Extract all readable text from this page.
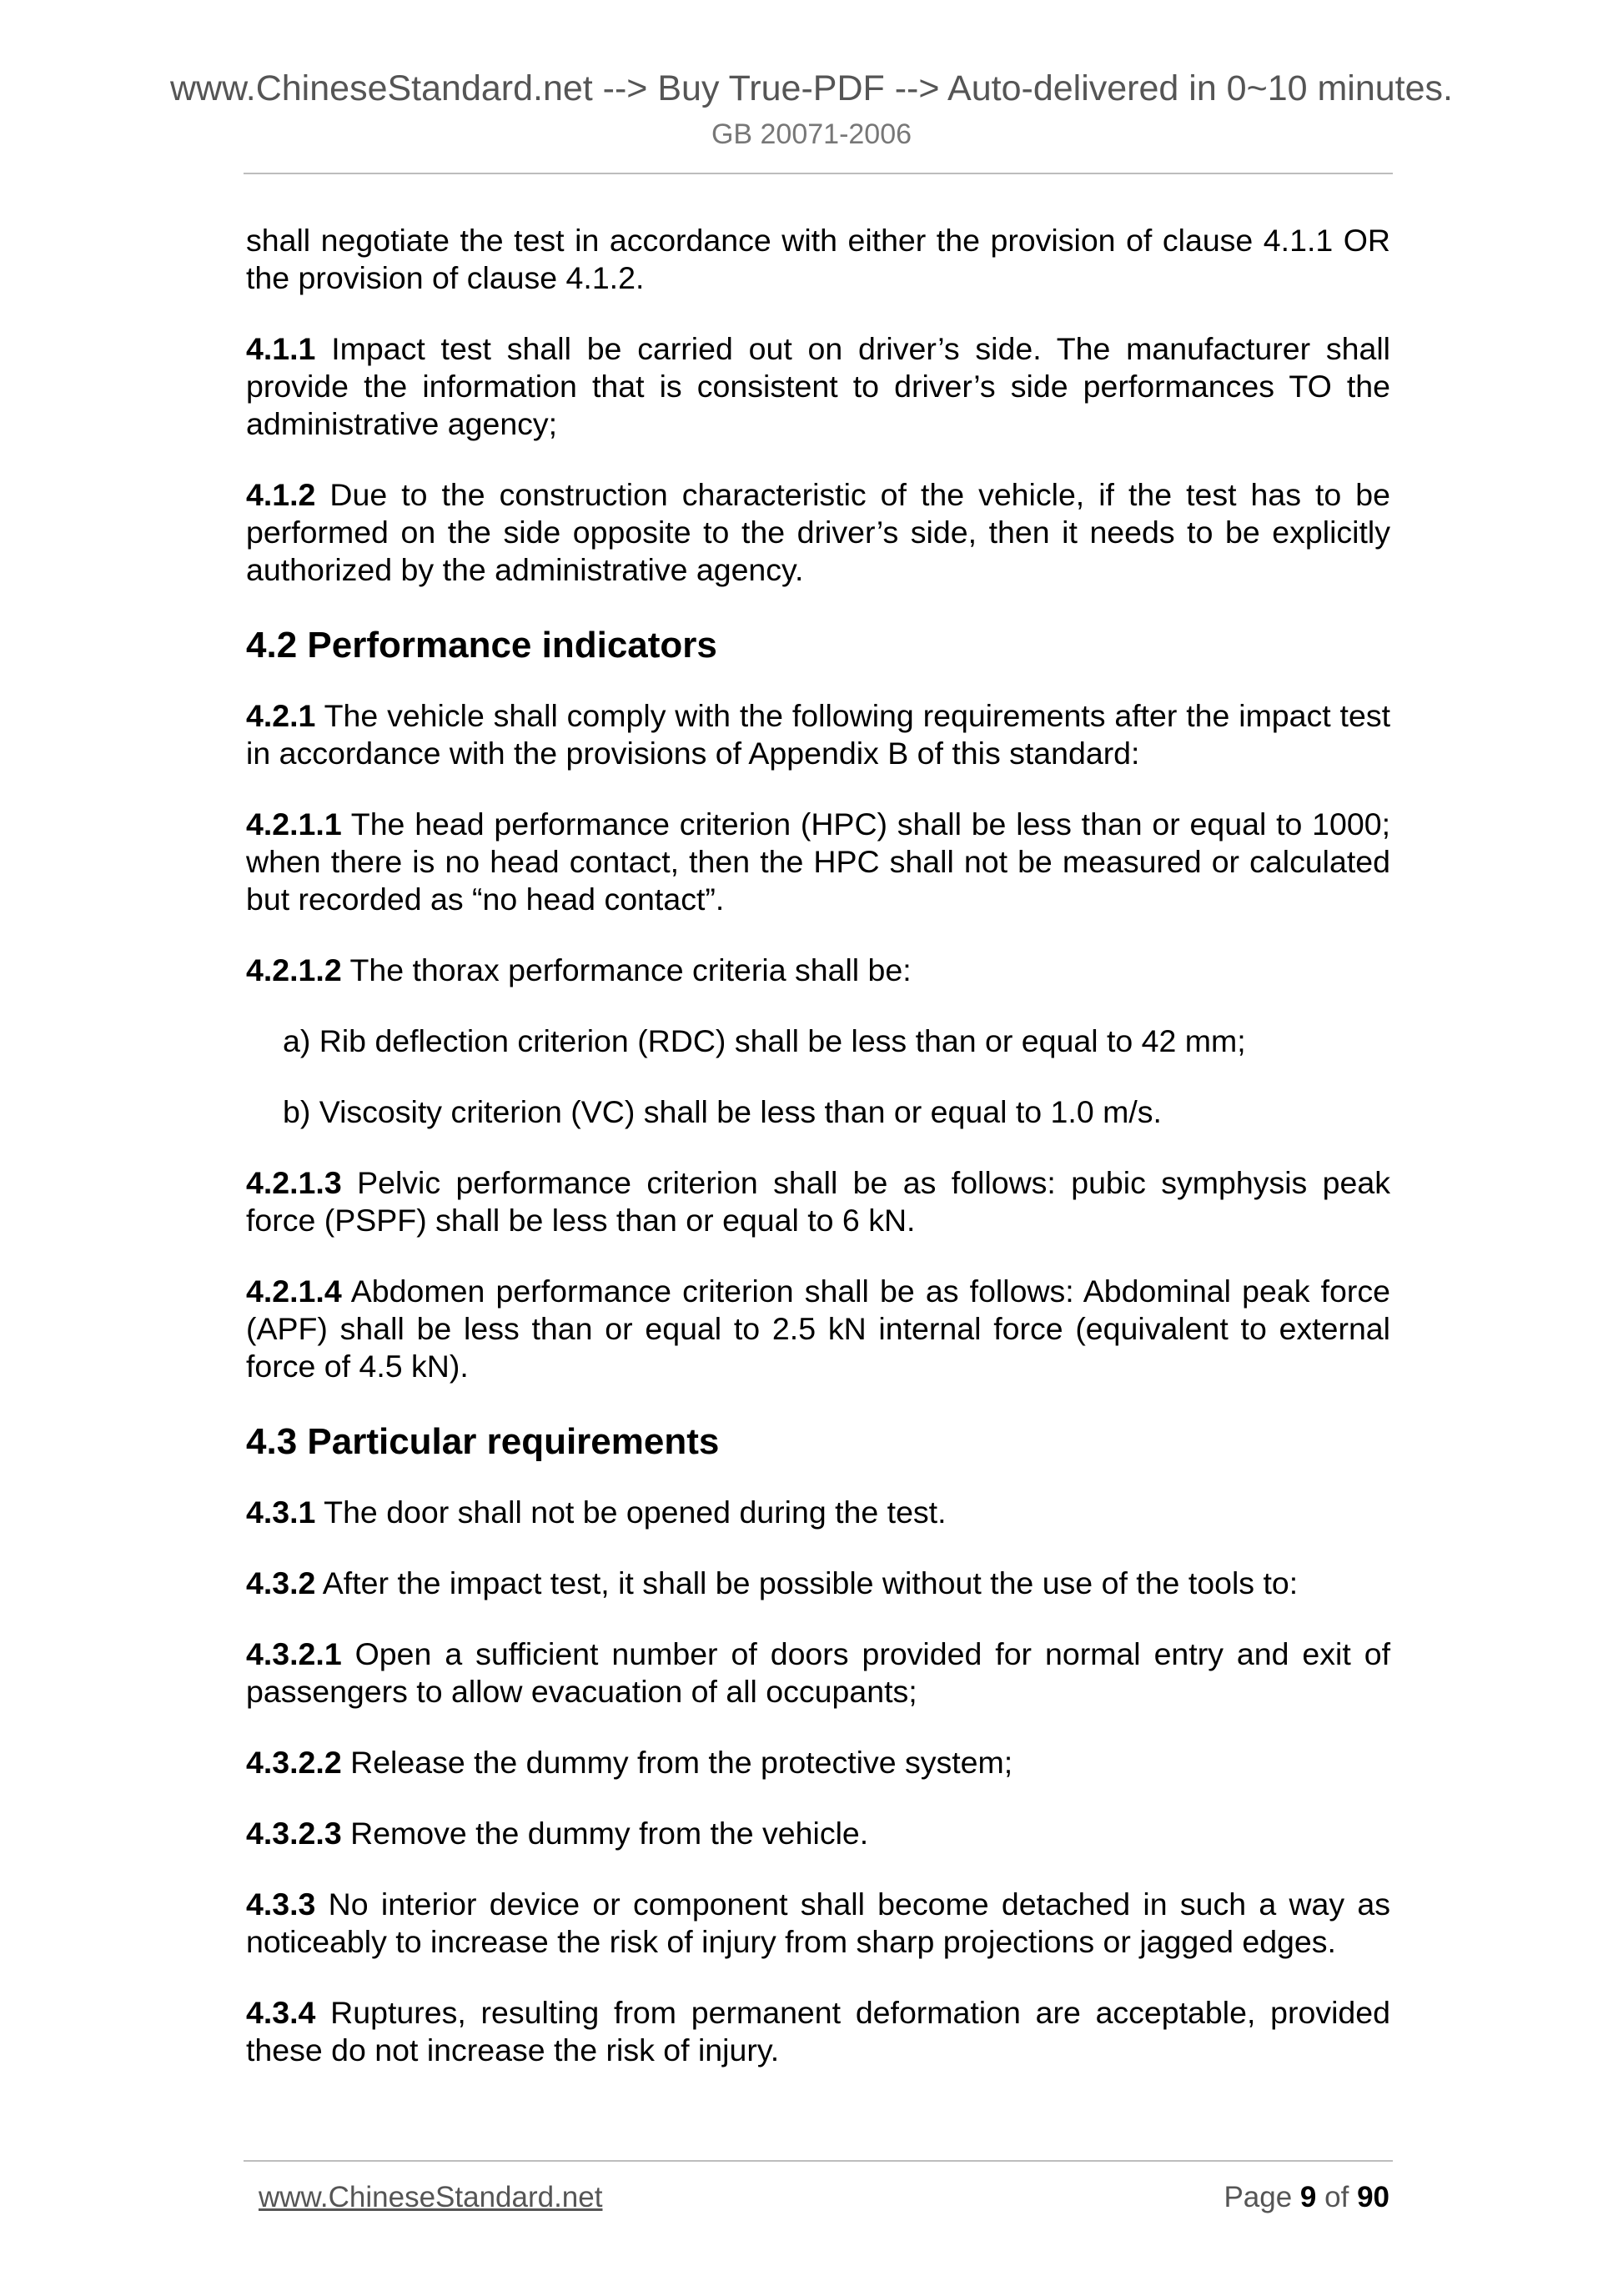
www.ChineseStandard.net --> Buy True-PDF --> Auto-delivered in 0~10 minutes.
GB 20071-2006

shall negotiate the test in accordance with either the provision of clause 4.1.1 OR the provision of clause 4.1.2.

4.1.1 Impact test shall be carried out on driver’s side. The manufacturer shall provide the information that is consistent to driver’s side performances TO the administrative agency;

4.1.2 Due to the construction characteristic of the vehicle, if the test has to be performed on the side opposite to the driver’s side, then it needs to be explicitly authorized by the administrative agency.

4.2 Performance indicators

4.2.1 The vehicle shall comply with the following requirements after the impact test in accordance with the provisions of Appendix B of this standard:

4.2.1.1 The head performance criterion (HPC) shall be less than or equal to 1000; when there is no head contact, then the HPC shall not be measured or calculated but recorded as “no head contact”.

4.2.1.2 The thorax performance criteria shall be:

a) Rib deflection criterion (RDC) shall be less than or equal to 42 mm;

b) Viscosity criterion (VC) shall be less than or equal to 1.0 m/s.

4.2.1.3 Pelvic performance criterion shall be as follows: pubic symphysis peak force (PSPF) shall be less than or equal to 6 kN.

4.2.1.4 Abdomen performance criterion shall be as follows: Abdominal peak force (APF) shall be less than or equal to 2.5 kN internal force (equivalent to external force of 4.5 kN).

4.3 Particular requirements

4.3.1 The door shall not be opened during the test.

4.3.2 After the impact test, it shall be possible without the use of the tools to:

4.3.2.1 Open a sufficient number of doors provided for normal entry and exit of passengers to allow evacuation of all occupants;

4.3.2.2 Release the dummy from the protective system;

4.3.2.3 Remove the dummy from the vehicle.

4.3.3 No interior device or component shall become detached in such a way as noticeably to increase the risk of injury from sharp projections or jagged edges.

4.3.4 Ruptures, resulting from permanent deformation are acceptable, provided these do not increase the risk of injury.

www.ChineseStandard.net	Page 9 of 90
